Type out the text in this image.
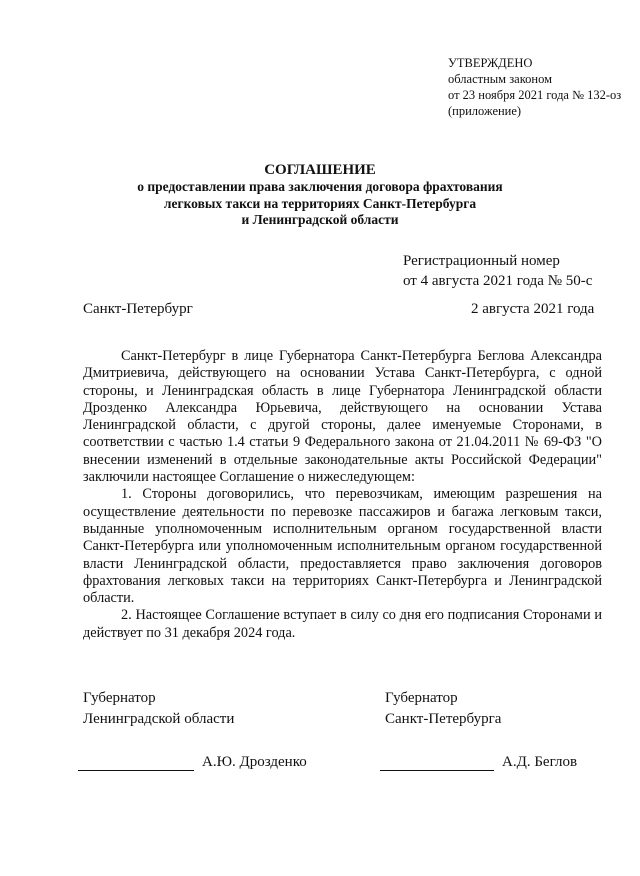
УТВЕРЖДЕНО
областным законом
от 23 ноября 2021 года № 132-оз
(приложение)
СОГЛАШЕНИЕ
о предоставлении права заключения договора фрахтования
легковых такси на территориях Санкт-Петербурга
и Ленинградской области
Регистрационный номер
от 4 августа 2021 года № 50-с
Санкт-Петербург	2 августа 2021 года

Санкт-Петербург в лице Губернатора Санкт-Петербурга Беглова Александра Дмитриевича, действующего на основании Устава Санкт-Петербурга, с одной стороны, и Ленинградская область в лице Губернатора Ленинградской области Дрозденко Александра Юрьевича, действующего на основании Устава Ленинградской области, с другой стороны, далее именуемые Сторонами, в соответствии с частью 1.4 статьи 9 Федерального закона от 21.04.2011 № 69-ФЗ "О внесении изменений в отдельные законодательные акты Российской Федерации" заключили настоящее Соглашение о нижеследующем:

1. Стороны договорились, что перевозчикам, имеющим разрешения на осуществление деятельности по перевозке пассажиров и багажа легковым такси, выданные уполномоченным исполнительным органом государственной власти Санкт-Петербурга или уполномоченным исполнительным органом государственной власти Ленинградской области, предоставляется право заключения договоров фрахтования легковых такси на территориях Санкт-Петербурга и Ленинградской области.

2. Настоящее Соглашение вступает в силу со дня его подписания Сторонами и действует по 31 декабря 2024 года.

Губернатор
Ленинградской области
Губернатор
Санкт-Петербурга
А.Ю. Дрозденко	А.Д. Беглов
